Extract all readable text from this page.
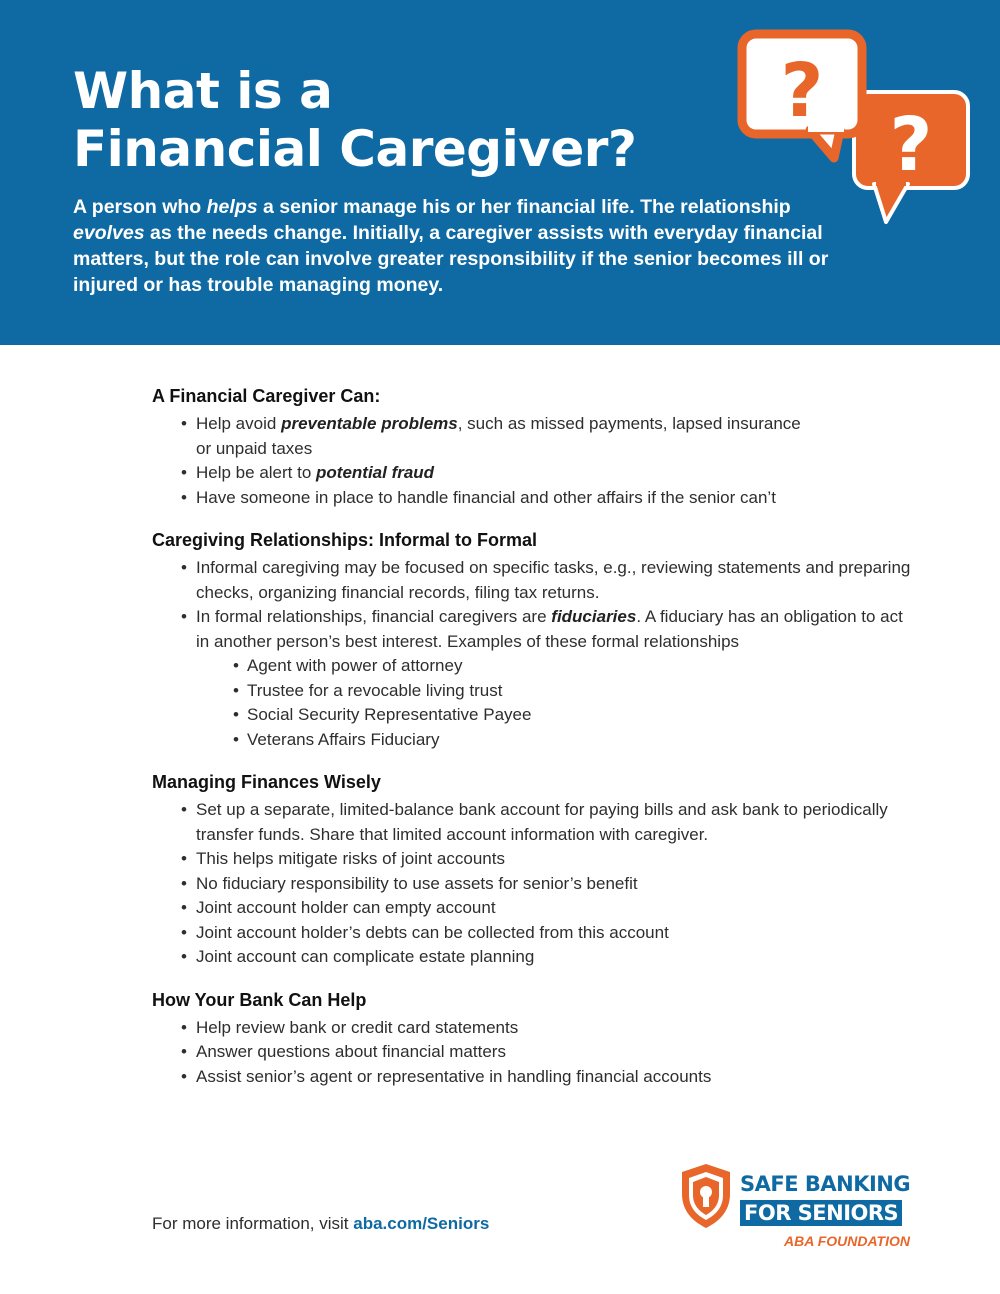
What is a
Financial Caregiver?

A person who helps a senior manage his or her financial life. The relationship evolves as the needs change. Initially, a caregiver assists with everyday financial matters, but the role can involve greater responsibility if the senior becomes ill or injured or has trouble managing money.

?
?
A Financial Caregiver Can:
• Help avoid preventable problems, such as missed payments, lapsed insurance
or unpaid taxes
• Help be alert to potential fraud
• Have someone in place to handle financial and other affairs if the senior can’t
Caregiving Relationships: Informal to Formal
• Informal caregiving may be focused on specific tasks, e.g., reviewing statements and preparing checks, organizing financial records, filing tax returns.
• In formal relationships, financial caregivers are fiduciaries. A fiduciary has an obligation to act in another person’s best interest. Examples of these formal relationships
• Agent with power of attorney
• Trustee for a revocable living trust
• Social Security Representative Payee
• Veterans Affairs Fiduciary
Managing Finances Wisely
• Set up a separate, limited-balance bank account for paying bills and ask bank to periodically transfer funds. Share that limited account information with caregiver.
• This helps mitigate risks of joint accounts
• No fiduciary responsibility to use assets for senior’s benefit
• Joint account holder can empty account
• Joint account holder’s debts can be collected from this account
• Joint account can complicate estate planning
How Your Bank Can Help
• Help review bank or credit card statements
• Answer questions about financial matters
• Assist senior’s agent or representative in handling financial accounts

For more information, visit aba.com/Seniors

SAFE BANKING
FOR SENIORS
ABA FOUNDATION
